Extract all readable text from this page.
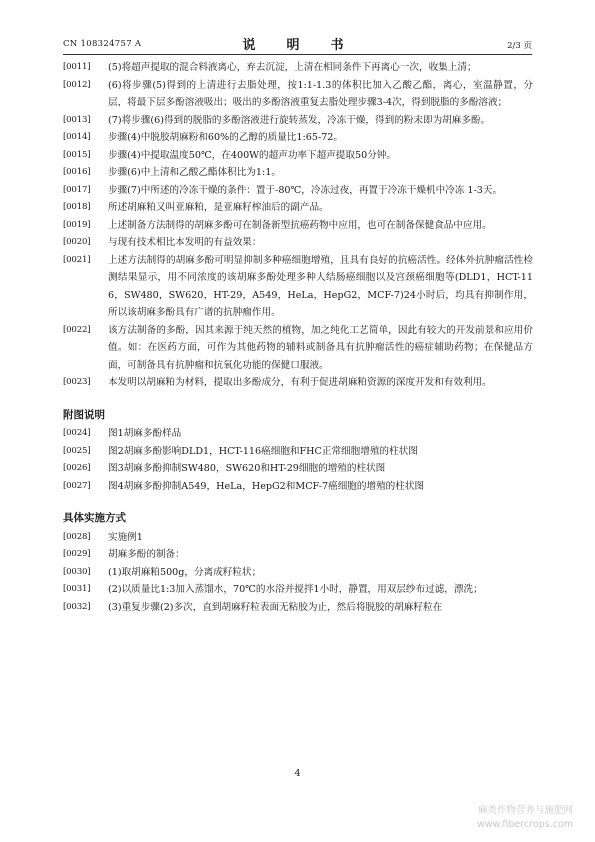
CN 108324757 A	说　明　书	2/3 页
[0011]	(5)将超声提取的混合料液离心，弃去沉淀，上清在相同条件下再离心一次，收集上清；
[0012]	(6)将步骤(5)得到的上清进行去脂处理，按1:1-1.3的体积比加入乙酸乙酯，离心，室温静置，分层，将最下层多酚溶液吸出；吸出的多酚溶液重复去脂处理步骤3-4次，得到脱脂的多酚溶液；
[0013]	(7)将步骤(6)得到的脱脂的多酚溶液进行旋转蒸发，冷冻干燥，得到的粉末即为胡麻多酚。
[0014]	步骤(4)中脱胶胡麻粉和60%的乙醇的质量比1:65-72。
[0015]	步骤(4)中提取温度50℃，在400W的超声功率下超声提取50分钟。
[0016]	步骤(6)中上清和乙酸乙酯体积比为1:1。
[0017]	步骤(7)中所述的冷冻干燥的条件：置于-80℃，冷冻过夜，再置于冷冻干燥机中冷冻 1-3天。
[0018]	所述胡麻粕又叫亚麻粕，是亚麻籽榨油后的副产品。
[0019]	上述制备方法制得的胡麻多酚可在制备新型抗癌药物中应用，也可在制备保健食品中应用。
[0020]	与现有技术相比本发明的有益效果：
[0021]	上述方法制得的胡麻多酚可明显抑制多种癌细胞增殖，且具有良好的抗癌活性。经体外抗肿瘤活性检测结果显示，用不同浓度的该胡麻多酚处理多种人结肠癌细胞以及宫颈癌细胞等(DLD1，HCT-116，SW480，SW620，HT-29，A549，HeLa，HepG2，MCF-7)24小时后，均具有抑制作用，所以该胡麻多酚具有广谱的抗肿瘤作用。
[0022]	该方法制备的多酚，因其来源于纯天然的植物，加之纯化工艺简单，因此有较大的开发前景和应用价值。如：在医药方面，可作为其他药物的辅料或制备具有抗肿瘤活性的癌症辅助药物；在保健品方面，可制备具有抗肿瘤和抗氧化功能的保健口服液。
[0023]	本发明以胡麻粕为材料，提取出多酚成分，有利于促进胡麻粕资源的深度开发和有效利用。
附图说明
[0024]	图1胡麻多酚样品
[0025]	图2胡麻多酚影响DLD1，HCT-116癌细胞和FHC正常细胞增殖的柱状图
[0026]	图3胡麻多酚抑制SW480，SW620和HT-29细胞的增殖的柱状图
[0027]	图4胡麻多酚抑制A549，HeLa，HepG2和MCF-7癌细胞的增殖的柱状图
具体实施方式
[0028]	实施例1
[0029]	胡麻多酚的制备：
[0030]	(1)取胡麻粕500g，分离成籽粒状；
[0031]	(2)以质量比1:3加入蒸馏水，70℃的水浴并搅拌1小时，静置，用双层纱布过滤，漂洗；
[0032]	(3)重复步骤(2)多次，直到胡麻籽粒表面无粘胶为止，然后将脱胶的胡麻籽粒在
4
麻类作物营养与施肥网
www.fibercrops.com
